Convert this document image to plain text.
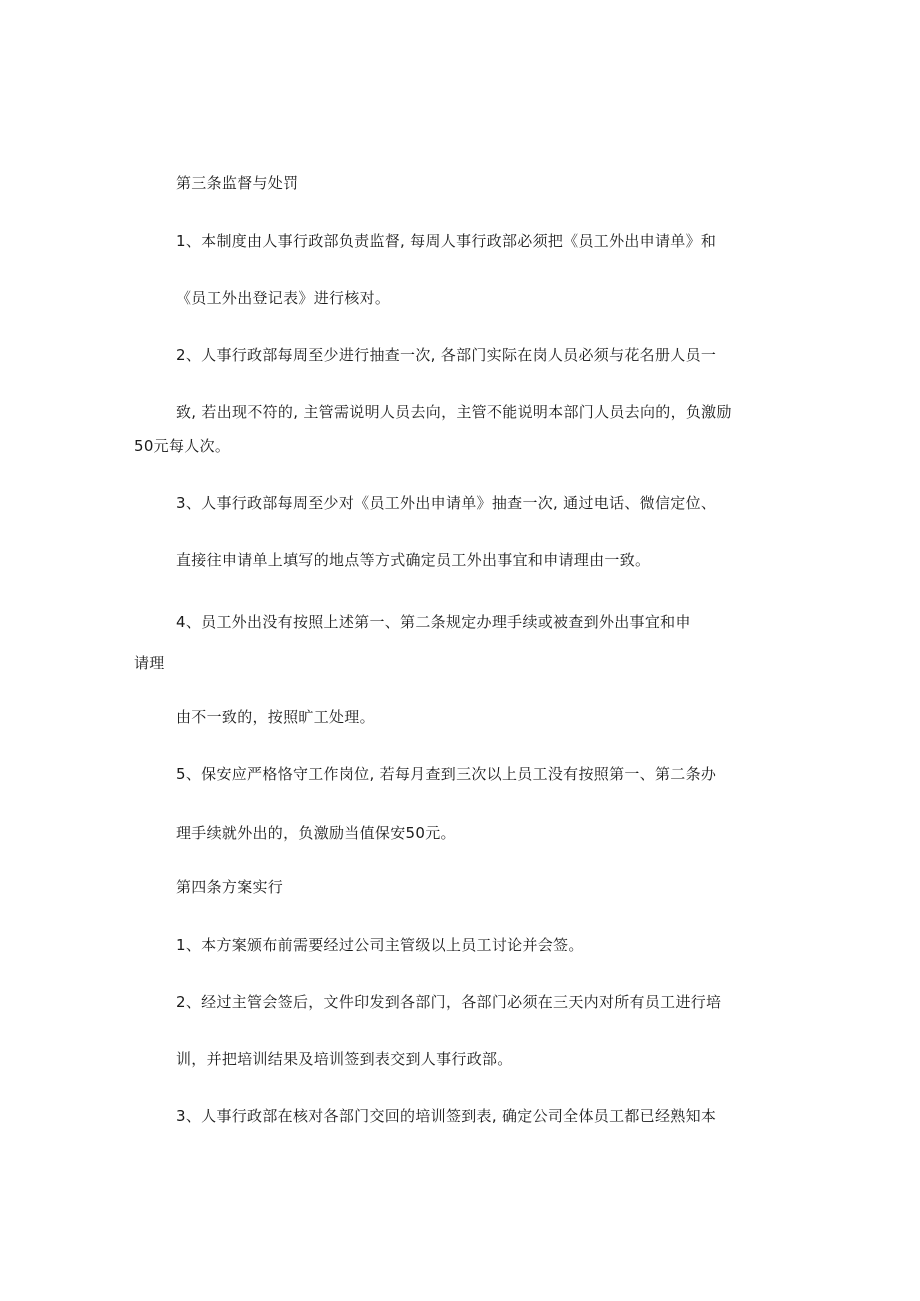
第三条监督与处罚
1、本制度由人事行政部负责监督, 每周人事行政部必须把《员工外出申请单》和
《员工外出登记表》进行核对。
2、人事行政部每周至少进行抽查一次, 各部门实际在岗人员必须与花名册人员一
致, 若出现不符的, 主管需说明人员去向，主管不能说明本部门人员去向的，负激励
50元每人次。
3、人事行政部每周至少对《员工外出申请单》抽查一次, 通过电话、微信定位、
直接往申请单上填写的地点等方式确定员工外出事宜和申请理由一致。
4、员工外出没有按照上述第一、第二条规定办理手续或被查到外出事宜和申
请理
由不一致的，按照旷工处理。
5、保安应严格恪守工作岗位, 若每月查到三次以上员工没有按照第一、第二条办
理手续就外出的，负激励当值保安50元。
第四条方案实行
1、本方案颁布前需要经过公司主管级以上员工讨论并会签。
2、经过主管会签后，文件印发到各部门，各部门必须在三天内对所有员工进行培
训，并把培训结果及培训签到表交到人事行政部。
3、人事行政部在核对各部门交回的培训签到表, 确定公司全体员工都已经熟知本
